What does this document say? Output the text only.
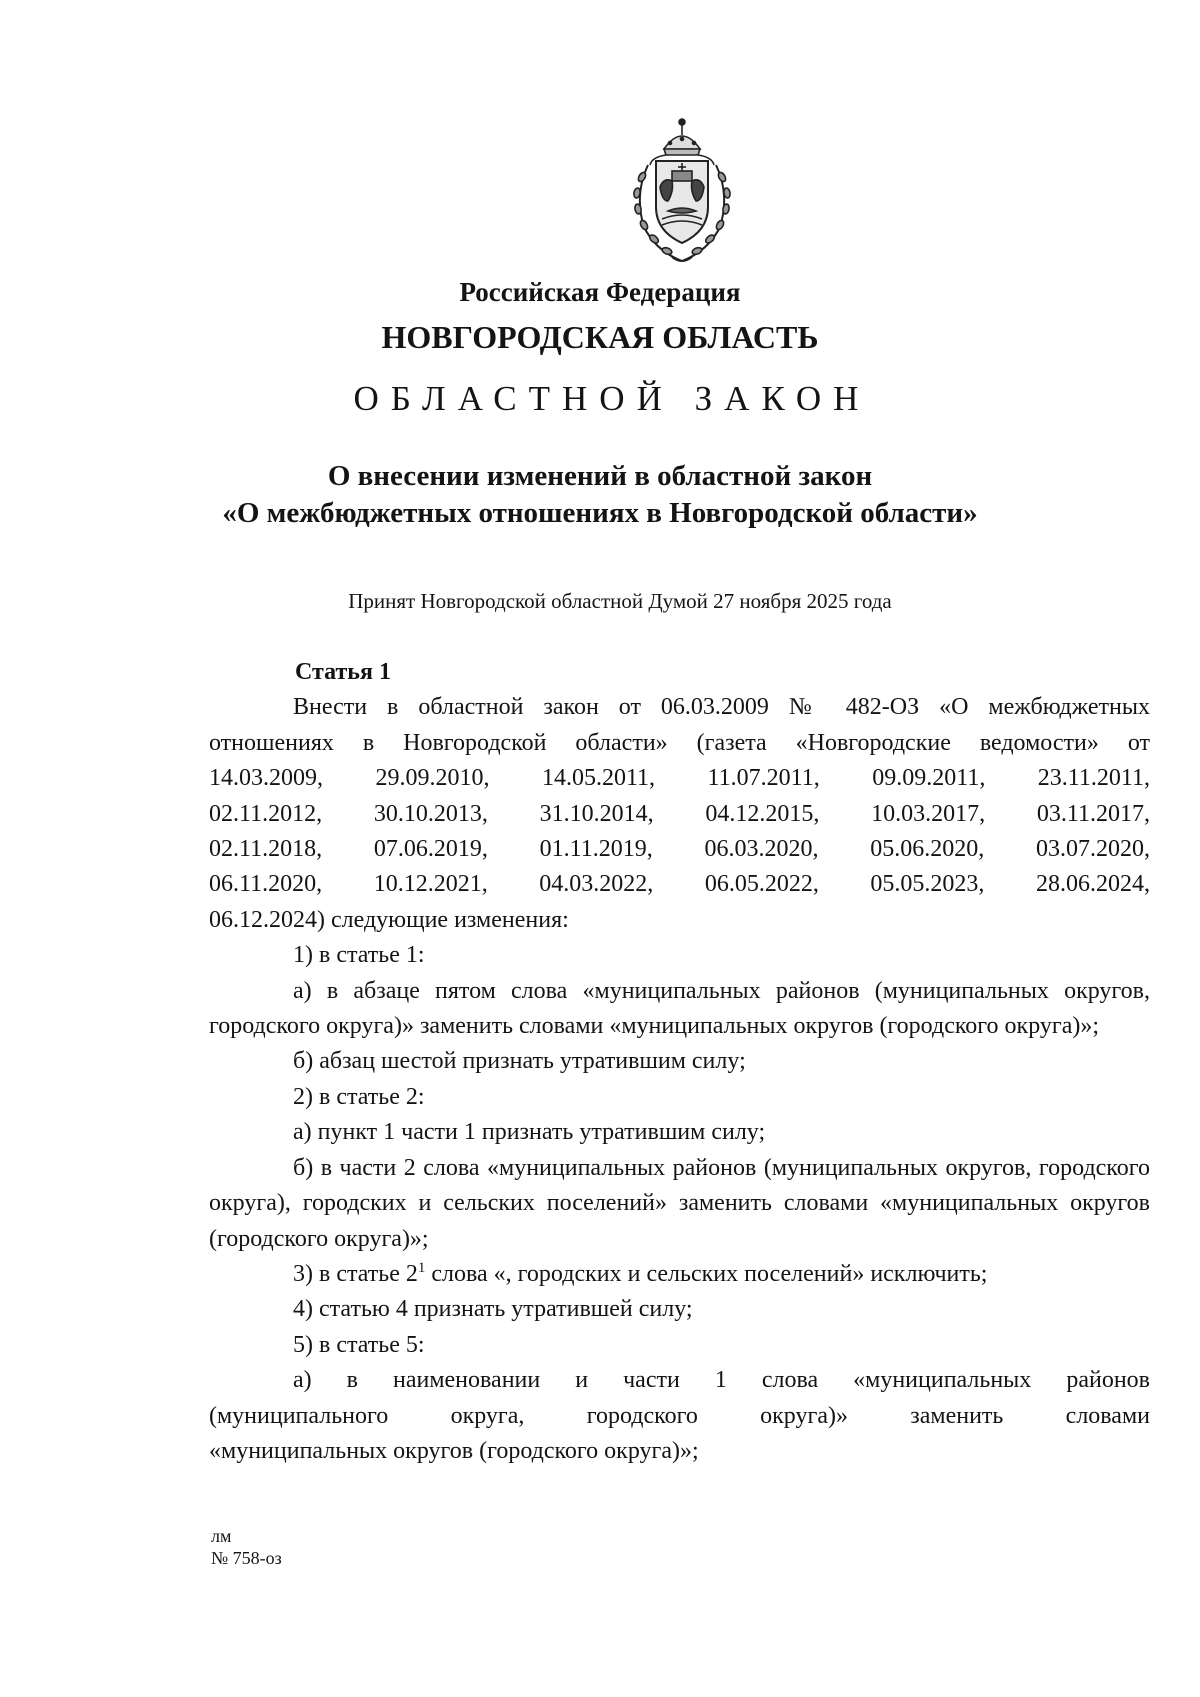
Российская Федерация
НОВГОРОДСКАЯ ОБЛАСТЬ
ОБЛАСТНОЙ ЗАКОН
О внесении изменений в областной закон
«О межбюджетных отношениях в Новгородской области»
Принят Новгородской областной Думой 27 ноября 2025 года

Статья 1

Внести в областной закон от 06.03.2009 № 482-ОЗ «О межбюджетных

отношениях в Новгородской области» (газета «Новгородские ведомости» от

14.03.2009, 29.09.2010, 14.05.2011, 11.07.2011, 09.09.2011, 23.11.2011,

02.11.2012, 30.10.2013, 31.10.2014, 04.12.2015, 10.03.2017, 03.11.2017,

02.11.2018, 07.06.2019, 01.11.2019, 06.03.2020, 05.06.2020, 03.07.2020,

06.11.2020, 10.12.2021, 04.03.2022, 06.05.2022, 05.05.2023, 28.06.2024,

06.12.2024) следующие изменения:

1) в статье 1:

а) в абзаце пятом слова «муниципальных районов (муниципальных округов, городского округа)» заменить словами «муниципальных округов (городского округа)»;

б) абзац шестой признать утратившим силу;

2) в статье 2:

а) пункт 1 части 1 признать утратившим силу;

б) в части 2 слова «муниципальных районов (муниципальных округов, городского округа), городских и сельских поселений» заменить словами «муниципальных округов (городского округа)»;

3) в статье $2^1$ слова «, городских и сельских поселений» исключить;

4) статью 4 признать утратившей силу;

5) в статье 5:

а) в наименовании и части 1 слова «муниципальных районов

(муниципального округа, городского округа)» заменить словами

«муниципальных округов (городского округа)»;

лм
№ 758-оз
